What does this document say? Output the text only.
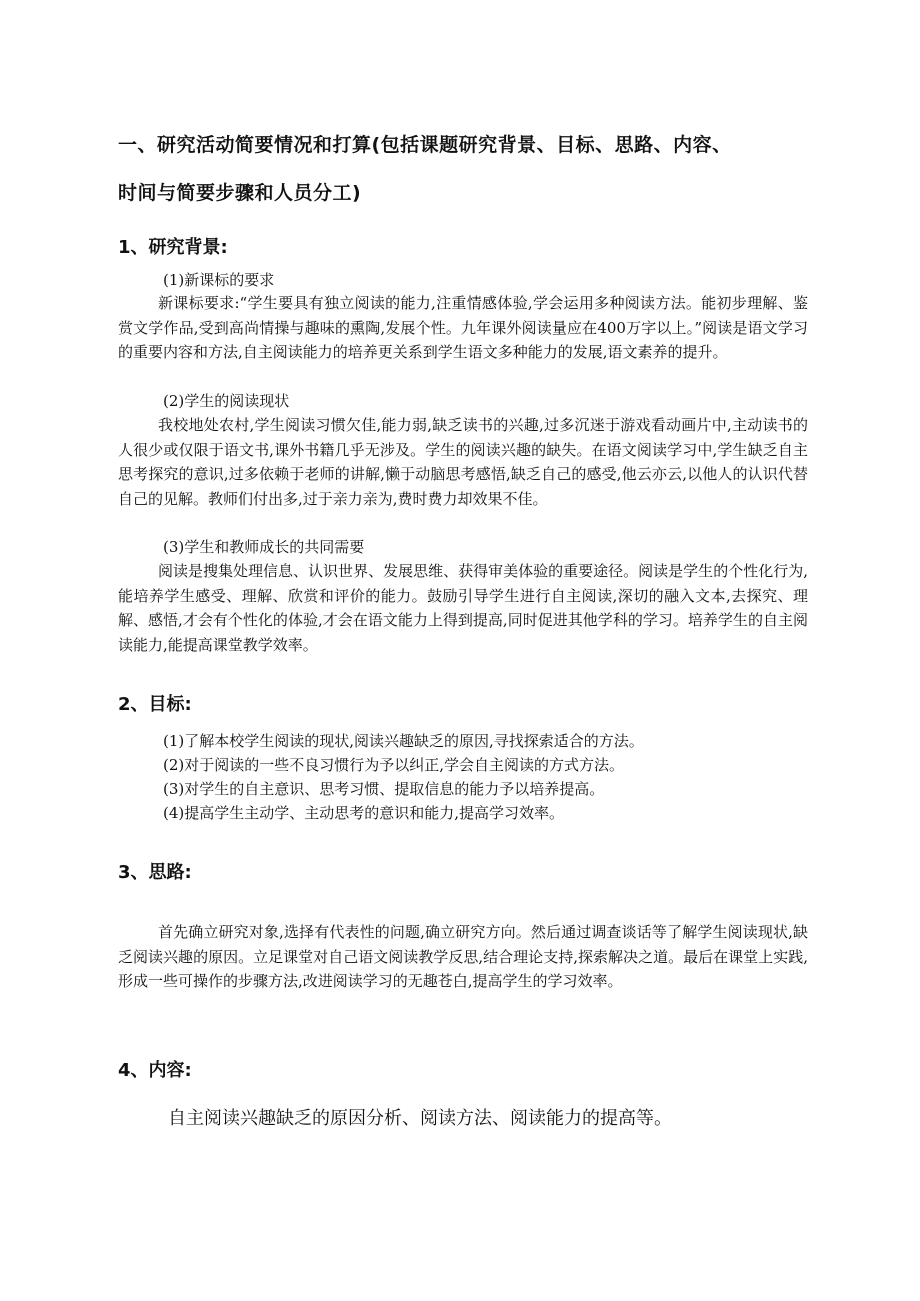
一、研究活动简要情况和打算(包括课题研究背景、目标、思路、内容、
时间与简要步骤和人员分工)
1、研究背景:
(1)新课标的要求

新课标要求:“学生要具有独立阅读的能力,注重情感体验,学会运用多种阅读方法。能初步理解、鉴赏文学作品,受到高尚情操与趣味的熏陶,发展个性。九年课外阅读量应在400万字以上。”阅读是语文学习的重要内容和方法,自主阅读能力的培养更关系到学生语文多种能力的发展,语文素养的提升。

(2)学生的阅读现状

我校地处农村,学生阅读习惯欠佳,能力弱,缺乏读书的兴趣,过多沉迷于游戏看动画片中,主动读书的人很少或仅限于语文书,课外书籍几乎无涉及。学生的阅读兴趣的缺失。在语文阅读学习中,学生缺乏自主思考探究的意识,过多依赖于老师的讲解,懒于动脑思考感悟,缺乏自己的感受,他云亦云,以他人的认识代替自己的见解。教师们付出多,过于亲力亲为,费时费力却效果不佳。

(3)学生和教师成长的共同需要

阅读是搜集处理信息、认识世界、发展思维、获得审美体验的重要途径。阅读是学生的个性化行为,能培养学生感受、理解、欣赏和评价的能力。鼓励引导学生进行自主阅读,深切的融入文本,去探究、理解、感悟,才会有个性化的体验,才会在语文能力上得到提高,同时促进其他学科的学习。培养学生的自主阅读能力,能提高课堂教学效率。

2、目标:
(1)了解本校学生阅读的现状,阅读兴趣缺乏的原因,寻找探索适合的方法。
(2)对于阅读的一些不良习惯行为予以纠正,学会自主阅读的方式方法。
(3)对学生的自主意识、思考习惯、提取信息的能力予以培养提高。
(4)提高学生主动学、主动思考的意识和能力,提高学习效率。
3、思路:

首先确立研究对象,选择有代表性的问题,确立研究方向。然后通过调查谈话等了解学生阅读现状,缺乏阅读兴趣的原因。立足课堂对自己语文阅读教学反思,结合理论支持,探索解决之道。最后在课堂上实践,形成一些可操作的步骤方法,改进阅读学习的无趣苍白,提高学生的学习效率。

4、内容:
自主阅读兴趣缺乏的原因分析、阅读方法、阅读能力的提高等。
